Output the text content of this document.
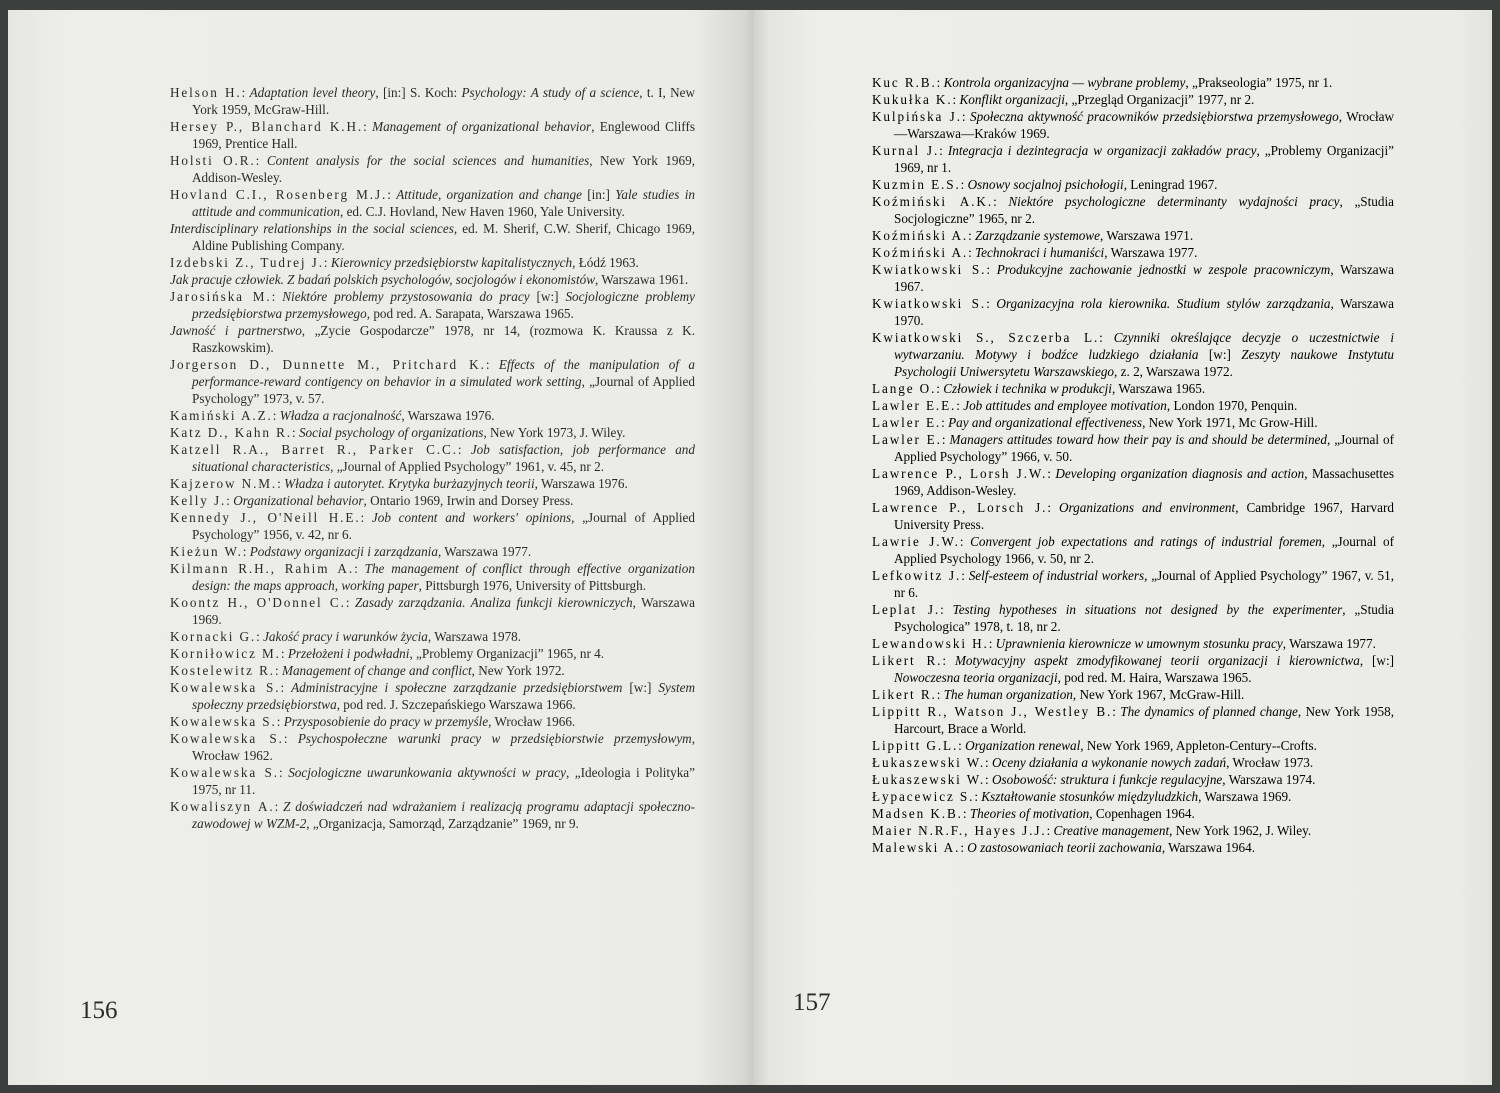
Helson H.: Adaptation level theory, [in:] S. Koch: Psychology: A study of a science, t. I, New York 1959, McGraw-Hill.

Hersey P., Blanchard K.H.: Management of organizational behavior, Englewood Cliffs 1969, Prentice Hall.

Holsti O.R.: Content analysis for the social sciences and humanities, New York 1969, Addison-Wesley.

Hovland C.I., Rosenberg M.J.: Attitude, organization and change [in:] Yale studies in attitude and communication, ed. C.J. Hovland, New Haven 1960, Yale University.

Interdisciplinary relationships in the social sciences, ed. M. Sherif, C.W. Sherif, Chicago 1969, Aldine Publishing Company.

Izdebski Z., Tudrej J.: Kierownicy przedsiębiorstw kapitalistycznych, Łódź 1963.

Jak pracuje człowiek. Z badań polskich psychologów, socjologów i ekonomistów, Warszawa 1961.

Jarosińska M.: Niektóre problemy przystosowania do pracy [w:] Socjologiczne problemy przedsiębiorstwa przemysłowego, pod red. A. Sarapata, Warszawa 1965.

Jawność i partnerstwo, „Zycie Gospodarcze” 1978, nr 14, (rozmowa K. Kraussa z K. Raszkowskim).

Jorgerson D., Dunnette M., Pritchard K.: Effects of the manipulation of a performance-reward contigency on behavior in a simulated work setting, „Journal of Applied Psychology” 1973, v. 57.

Kamiński A.Z.: Władza a racjonalność, Warszawa 1976.

Katz D., Kahn R.: Social psychology of organizations, New York 1973, J. Wiley.

Katzell R.A., Barret R., Parker C.C.: Job satisfaction, job performance and situational characteristics, „Journal of Applied Psychology” 1961, v. 45, nr 2.

Kajzerow N.M.: Władza i autorytet. Krytyka burżazyjnych teorii, Warszawa 1976.

Kelly J.: Organizational behavior, Ontario 1969, Irwin and Dorsey Press.

Kennedy J., O'Neill H.E.: Job content and workers' opinions, „Journal of Applied Psychology” 1956, v. 42, nr 6.

Kieżun W.: Podstawy organizacji i zarządzania, Warszawa 1977.

Kilmann R.H., Rahim A.: The management of conflict through effective organization design: the maps approach, working paper, Pittsburgh 1976, University of Pittsburgh.

Koontz H., O'Donnel C.: Zasady zarządzania. Analiza funkcji kierowniczych, Warszawa 1969.

Kornacki G.: Jakość pracy i warunków życia, Warszawa 1978.

Korniłowicz M.: Przełożeni i podwładni, „Problemy Organizacji” 1965, nr 4.

Kostelewitz R.: Management of change and conflict, New York 1972.

Kowalewska S.: Administracyjne i społeczne zarządzanie przedsiębiorstwem [w:] System społeczny przedsiębiorstwa, pod red. J. Szczepańskiego Warszawa 1966.

Kowalewska S.: Przysposobienie do pracy w przemyśle, Wrocław 1966.

Kowalewska S.: Psychospołeczne warunki pracy w przedsiębiorstwie przemysłowym, Wrocław 1962.

Kowalewska S.: Socjologiczne uwarunkowania aktywności w pracy, „Ideologia i Polityka” 1975, nr 11.

Kowaliszyn A.: Z doświadczeń nad wdrażaniem i realizacją programu adaptacji społeczno-zawodowej w WZM-2, „Organizacja, Samorząd, Zarządzanie” 1969, nr 9.

156	157

Kuc R.B.: Kontrola organizacyjna — wybrane problemy, „Prakseologia” 1975, nr 1.

Kukułka K.: Konflikt organizacji, „Przegląd Organizacji” 1977, nr 2.

Kulpińska J.: Społeczna aktywność pracowników przedsiębiorstwa przemysłowego, Wrocław—Warszawa—Kraków 1969.

Kurnal J.: Integracja i dezintegracja w organizacji zakładów pracy, „Problemy Organizacji” 1969, nr 1.

Kuzmin E.S.: Osnowy socjalnoj psichołogii, Leningrad 1967.

Koźmiński A.K.: Niektóre psychologiczne determinanty wydajności pracy, „Studia Socjologiczne” 1965, nr 2.

Koźmiński A.: Zarządzanie systemowe, Warszawa 1971.

Koźmiński A.: Technokraci i humaniści, Warszawa 1977.

Kwiatkowski S.: Produkcyjne zachowanie jednostki w zespole pracowniczym, Warszawa 1967.

Kwiatkowski S.: Organizacyjna rola kierownika. Studium stylów zarządzania, Warszawa 1970.

Kwiatkowski S., Szczerba L.: Czynniki określające decyzje o uczestnictwie i wytwarzaniu. Motywy i bodźce ludzkiego działania [w:] Zeszyty naukowe Instytutu Psychologii Uniwersytetu Warszawskiego, z. 2, Warszawa 1972.

Lange O.: Człowiek i technika w produkcji, Warszawa 1965.

Lawler E.E.: Job attitudes and employee motivation, London 1970, Penquin.

Lawler E.: Pay and organizational effectiveness, New York 1971, Mc Grow-Hill.

Lawler E.: Managers attitudes toward how their pay is and should be determined, „Journal of Applied Psychology” 1966, v. 50.

Lawrence P., Lorsh J.W.: Developing organization diagnosis and action, Massachusettes 1969, Addison-Wesley.

Lawrence P., Lorsch J.: Organizations and environment, Cambridge 1967, Harvard University Press.

Lawrie J.W.: Convergent job expectations and ratings of industrial foremen, „Journal of Applied Psychology 1966, v. 50, nr 2.

Lefkowitz J.: Self-esteem of industrial workers, „Journal of Applied Psychology” 1967, v. 51, nr 6.

Leplat J.: Testing hypotheses in situations not designed by the experimenter, „Studia Psychologica” 1978, t. 18, nr 2.

Lewandowski H.: Uprawnienia kierownicze w umownym stosunku pracy, Warszawa 1977.

Likert R.: Motywacyjny aspekt zmodyfikowanej teorii organizacji i kierownictwa, [w:] Nowoczesna teoria organizacji, pod red. M. Haira, Warszawa 1965.

Likert R.: The human organization, New York 1967, McGraw-Hill.

Lippitt R., Watson J., Westley B.: The dynamics of planned change, New York 1958, Harcourt, Brace a World.

Lippitt G.L.: Organization renewal, New York 1969, Appleton-Century--Crofts.

Łukaszewski W.: Oceny działania a wykonanie nowych zadań, Wrocław 1973.

Łukaszewski W.: Osobowość: struktura i funkcje regulacyjne, Warszawa 1974.

Łypacewicz S.: Kształtowanie stosunków międzyludzkich, Warszawa 1969.

Madsen K.B.: Theories of motivation, Copenhagen 1964.

Maier N.R.F., Hayes J.J.: Creative management, New York 1962, J. Wiley.

Malewski A.: O zastosowaniach teorii zachowania, Warszawa 1964.
